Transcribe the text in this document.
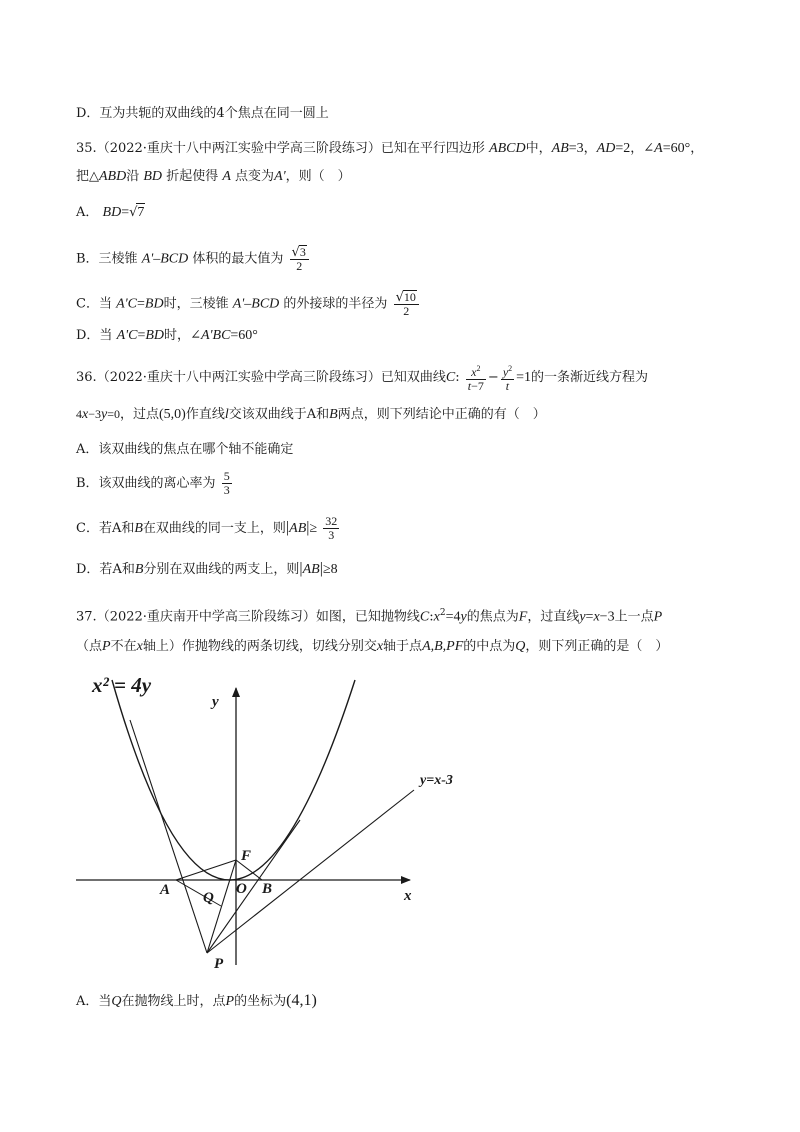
D．互为共轭的双曲线的4个焦点在同一圆上
35.（2022·重庆十八中两江实验中学高三阶段练习）已知在平行四边形 ABCD中，AB=3，AD=2，∠A=60°，
把△ABD沿 BD 折起使得 A 点变为A'，则（　）
A． BD=√7
B．三棱锥 A'–BCD 体积的最大值为 $\frac{√3}{2}$
C．当 A'C=BD时，三棱锥 A'–BCD 的外接球的半径为 $\frac{√10}{2}$
D．当 A'C=BD时，∠A'BC=60°
36.（2022·重庆十八中两江实验中学高三阶段练习）已知双曲线C: $\frac{x^2}{t-7} - \frac{y^2}{t} =1$的一条渐近线方程为
4x−3y=0，过点(5,0)作直线l交该双曲线于A和B两点，则下列结论中正确的有（　）
A．该双曲线的焦点在哪个轴不能确定
B．该双曲线的离心率为 $\frac{5}{3}$
C．若A和B在双曲线的同一支上，则$|AB|\ge \frac{32}{3}$
D．若A和B分别在双曲线的两支上，则|AB|≥8
37.（2022·重庆南开中学高三阶段练习）如图，已知抛物线$C:x^2=4y$的焦点为F，过直线y=x−3上一点P
（点P不在x轴上）作抛物线的两条切线，切线分别交x轴于点A,B,PF的中点为Q，则下列正确的是（　）
x² = 4y
y=x-3
x
y
A Q
O B
F
P
A．当Q在抛物线上时，点P的坐标为(4,1)
